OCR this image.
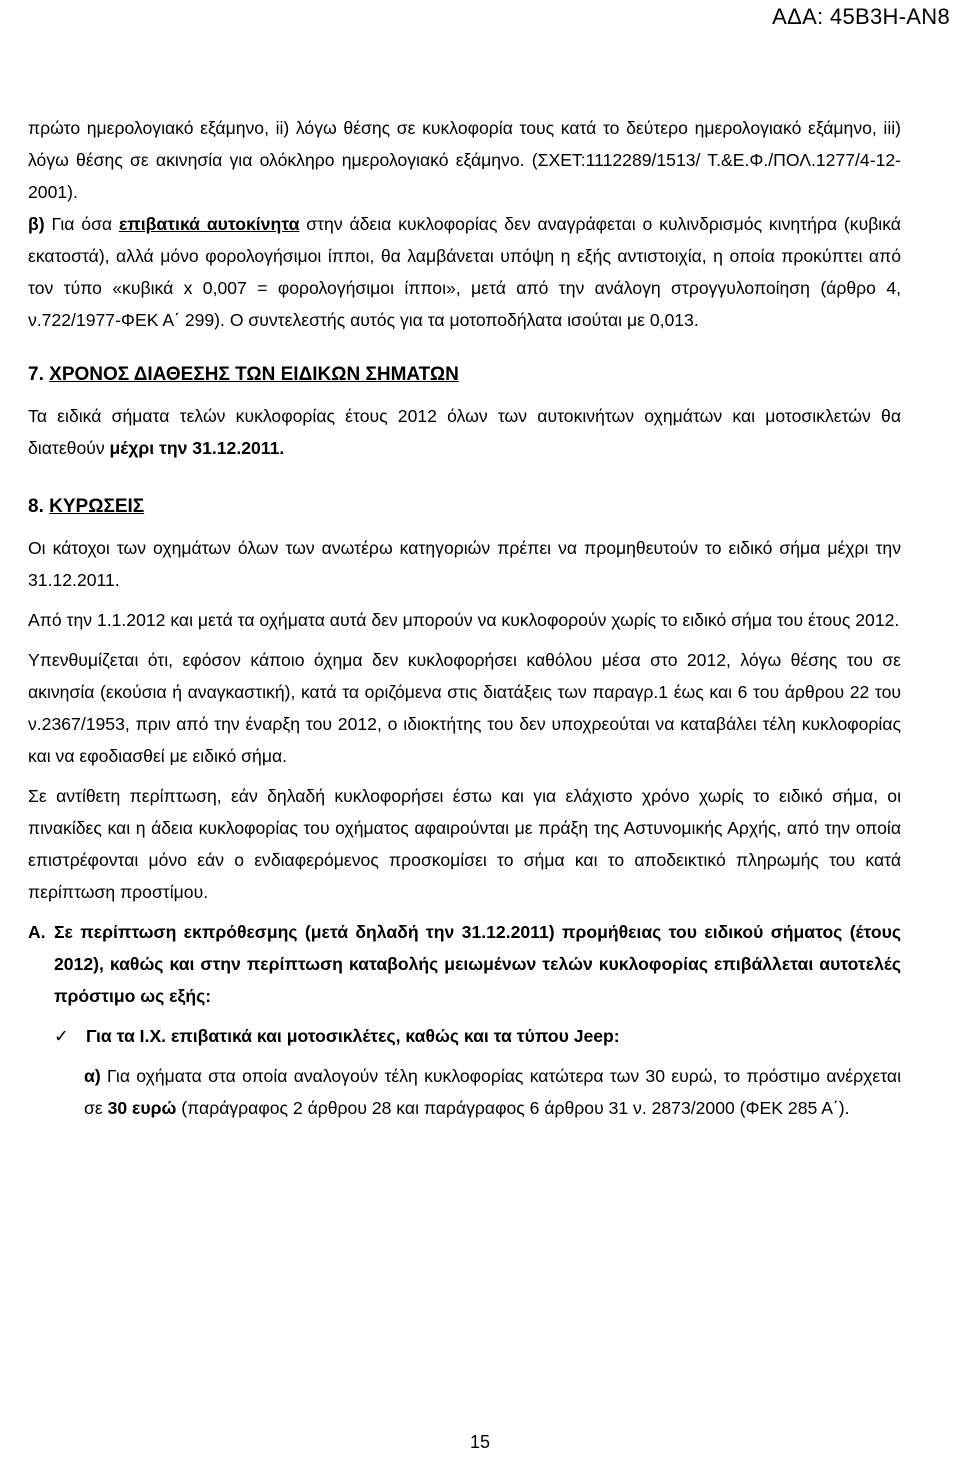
ΑΔΑ: 45Β3Η-ΑΝ8

πρώτο ημερολογιακό εξάμηνο, ii) λόγω θέσης σε κυκλοφορία τους κατά το δεύτερο ημερολογιακό εξάμηνο, iii) λόγω θέσης σε ακινησία για ολόκληρο ημερολογιακό εξάμηνο. (ΣΧΕΤ:1112289/1513/ Τ.&Ε.Φ./ΠΟΛ.1277/4-12-2001).

β) Για όσα επιβατικά αυτοκίνητα στην άδεια κυκλοφορίας δεν αναγράφεται ο κυλινδρισμός κινητήρα (κυβικά εκατοστά), αλλά μόνο φορολογήσιμοι ίπποι, θα λαμβάνεται υπόψη η εξής αντιστοιχία, η οποία προκύπτει από τον τύπο «κυβικά x 0,007 = φορολογήσιμοι ίπποι», μετά από την ανάλογη στρογγυλοποίηση (άρθρο 4, ν.722/1977-ΦΕΚ Α΄ 299). Ο συντελεστής αυτός για τα μοτοποδήλατα ισούται με 0,013.

7. ΧΡΟΝΟΣ ΔΙΑΘΕΣΗΣ ΤΩΝ ΕΙΔΙΚΩΝ ΣΗΜΑΤΩΝ

Τα ειδικά σήματα τελών κυκλοφορίας έτους 2012 όλων των αυτοκινήτων οχημάτων και μοτοσικλετών θα διατεθούν μέχρι την 31.12.2011.

8. ΚΥΡΩΣΕΙΣ

Οι κάτοχοι των οχημάτων όλων των ανωτέρω κατηγοριών πρέπει να προμηθευτούν το ειδικό σήμα μέχρι την 31.12.2011.

Από την 1.1.2012 και μετά τα οχήματα αυτά δεν μπορούν να κυκλοφορούν χωρίς το ειδικό σήμα του έτους 2012.

Υπενθυμίζεται ότι, εφόσον κάποιο όχημα δεν κυκλοφορήσει καθόλου μέσα στο 2012, λόγω θέσης του σε ακινησία (εκούσια ή αναγκαστική), κατά τα οριζόμενα στις διατάξεις των παραγρ.1 έως και 6 του άρθρου 22 του ν.2367/1953, πριν από την έναρξη του 2012, ο ιδιοκτήτης του δεν υποχρεούται να καταβάλει τέλη κυκλοφορίας και να εφοδιασθεί με ειδικό σήμα.

Σε αντίθετη περίπτωση, εάν δηλαδή κυκλοφορήσει έστω και για ελάχιστο χρόνο χωρίς το ειδικό σήμα, οι πινακίδες και η άδεια κυκλοφορίας του οχήματος αφαιρούνται με πράξη της Αστυνομικής Αρχής, από την οποία επιστρέφονται μόνο εάν ο ενδιαφερόμενος προσκομίσει το σήμα και το αποδεικτικό πληρωμής του κατά περίπτωση προστίμου.

Α. Σε περίπτωση εκπρόθεσμης (μετά δηλαδή την 31.12.2011) προμήθειας του ειδικού σήματος (έτους 2012), καθώς και στην περίπτωση καταβολής μειωμένων τελών κυκλοφορίας επιβάλλεται αυτοτελές πρόστιμο ως εξής:

✓ Για τα Ι.Χ. επιβατικά και μοτοσικλέτες, καθώς και τα τύπου Jeep:

α) Για οχήματα στα οποία αναλογούν τέλη κυκλοφορίας κατώτερα των 30 ευρώ, το πρόστιμο ανέρχεται σε 30 ευρώ (παράγραφος 2 άρθρου 28 και παράγραφος 6 άρθρου 31 ν. 2873/2000 (ΦΕΚ 285 Α΄).

15
